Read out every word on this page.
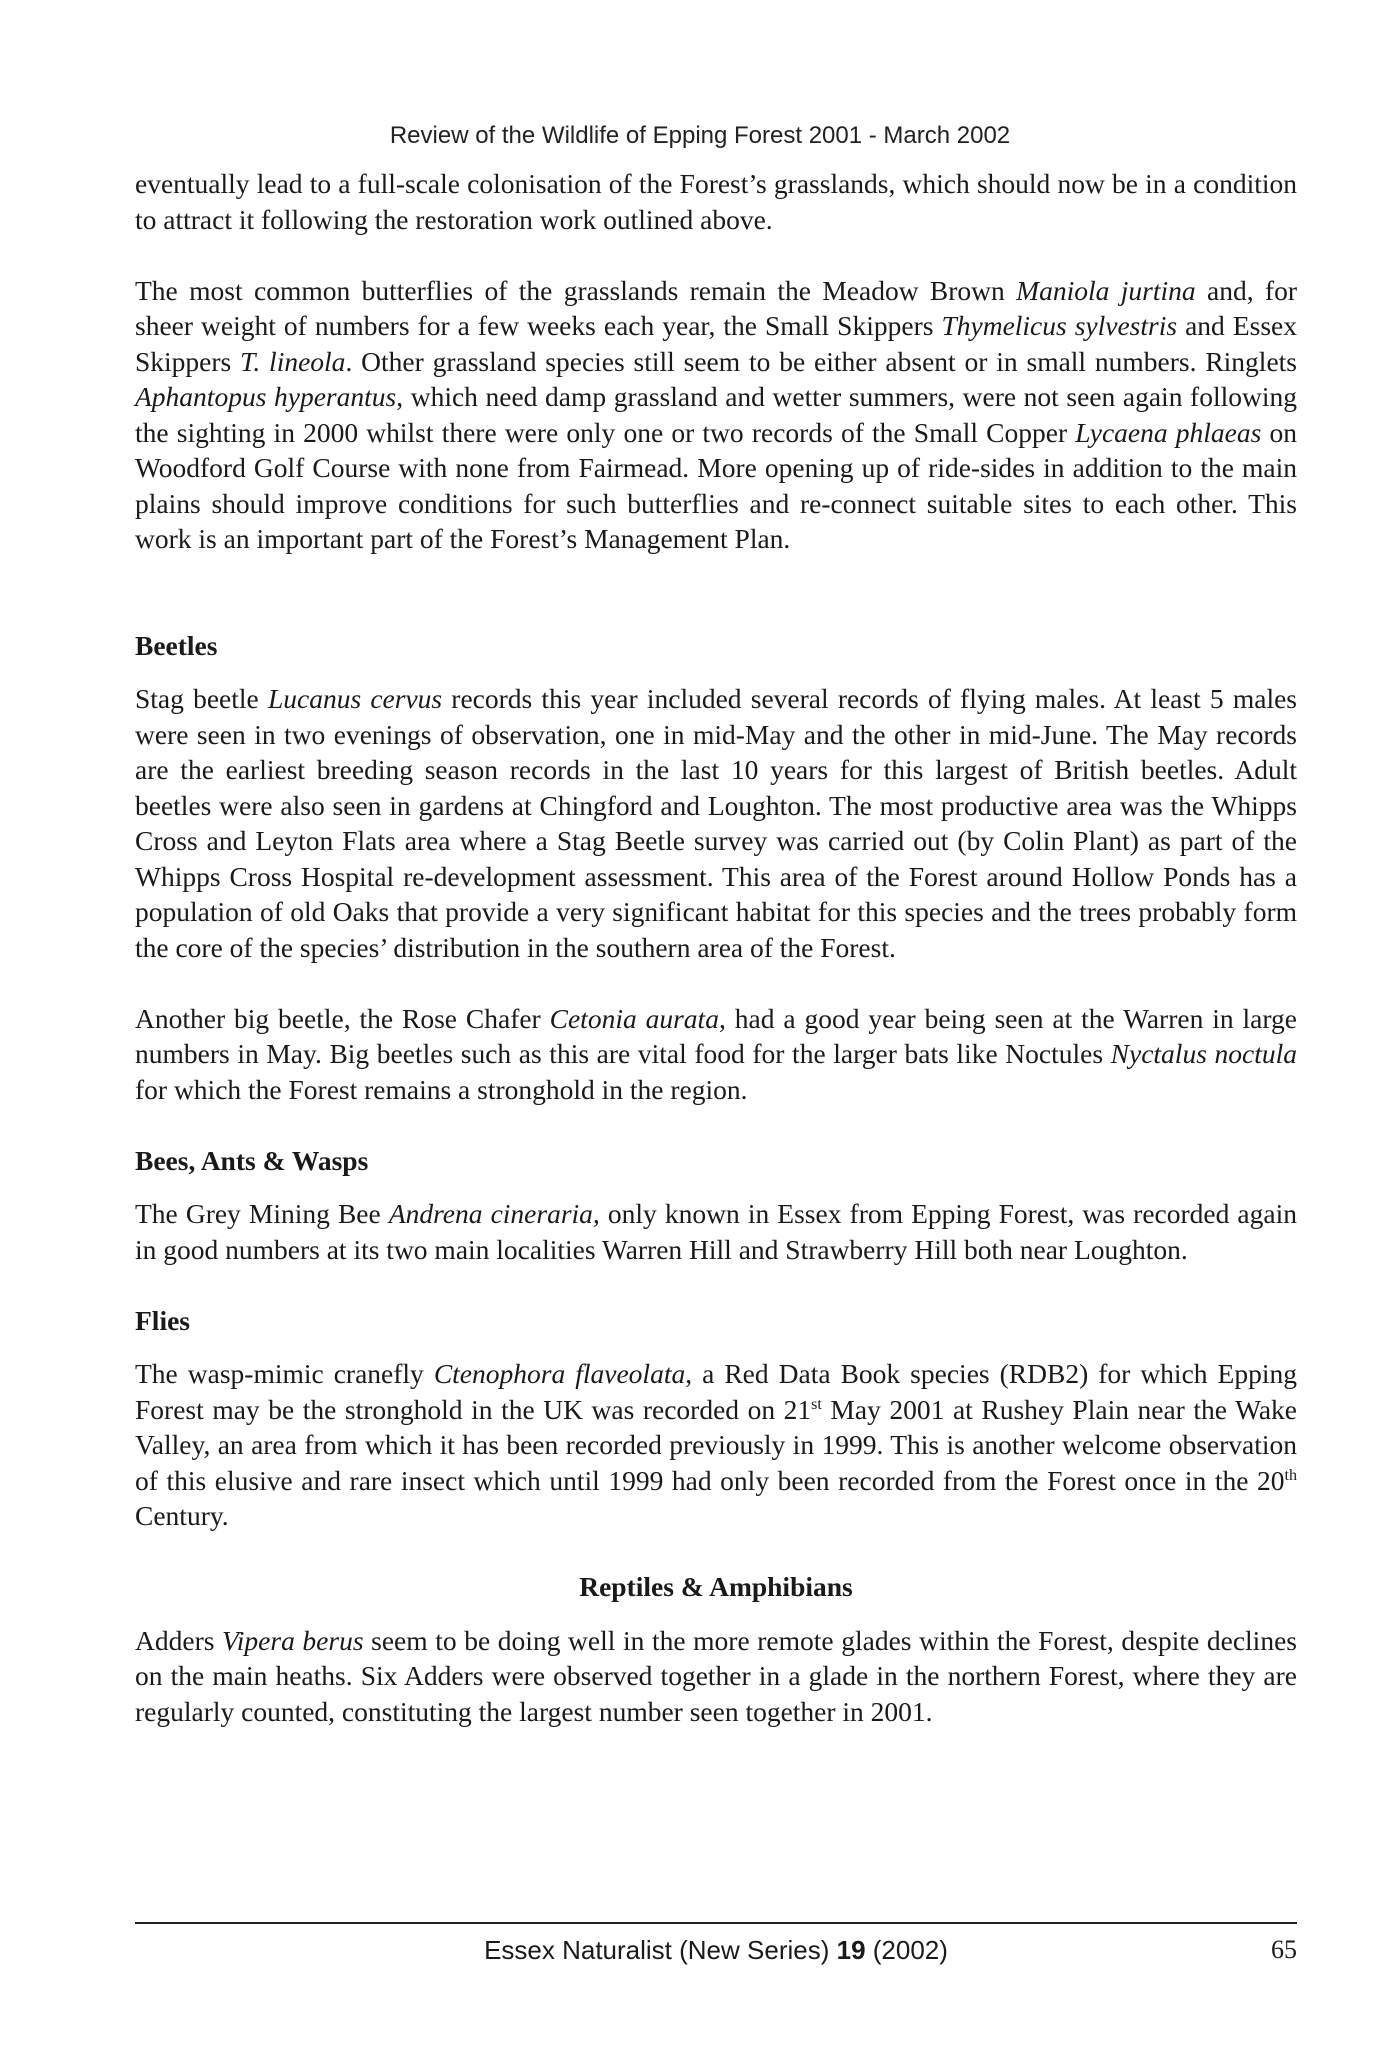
Review of the Wildlife of Epping Forest 2001 - March 2002

eventually lead to a full-scale colonisation of the Forest’s grasslands, which should now be in a condition to attract it following the restoration work outlined above.

The most common butterflies of the grasslands remain the Meadow Brown Maniola jurtina and, for sheer weight of numbers for a few weeks each year, the Small Skippers Thymelicus sylvestris and Essex Skippers T. lineola. Other grassland species still seem to be either absent or in small numbers. Ringlets Aphantopus hyperantus, which need damp grassland and wetter summers, were not seen again following the sighting in 2000 whilst there were only one or two records of the Small Copper Lycaena phlaeas on Woodford Golf Course with none from Fairmead. More opening up of ride-sides in addition to the main plains should improve conditions for such butterflies and re-connect suitable sites to each other. This work is an important part of the Forest’s Management Plan.

Beetles

Stag beetle Lucanus cervus records this year included several records of flying males. At least 5 males were seen in two evenings of observation, one in mid-May and the other in mid-June. The May records are the earliest breeding season records in the last 10 years for this largest of British beetles. Adult beetles were also seen in gardens at Chingford and Loughton. The most productive area was the Whipps Cross and Leyton Flats area where a Stag Beetle survey was carried out (by Colin Plant) as part of the Whipps Cross Hospital re-development assessment. This area of the Forest around Hollow Ponds has a population of old Oaks that provide a very significant habitat for this species and the trees probably form the core of the species’ distribution in the southern area of the Forest.

Another big beetle, the Rose Chafer Cetonia aurata, had a good year being seen at the Warren in large numbers in May. Big beetles such as this are vital food for the larger bats like Noctules Nyctalus noctula for which the Forest remains a stronghold in the region.

Bees, Ants & Wasps

The Grey Mining Bee Andrena cineraria, only known in Essex from Epping Forest, was recorded again in good numbers at its two main localities Warren Hill and Strawberry Hill both near Loughton.

Flies

The wasp-mimic cranefly Ctenophora flaveolata, a Red Data Book species (RDB2) for which Epping Forest may be the stronghold in the UK was recorded on 21st May 2001 at Rushey Plain near the Wake Valley, an area from which it has been recorded previously in 1999. This is another welcome observation of this elusive and rare insect which until 1999 had only been recorded from the Forest once in the 20th Century.

Reptiles & Amphibians

Adders Vipera berus seem to be doing well in the more remote glades within the Forest, despite declines on the main heaths. Six Adders were observed together in a glade in the northern Forest, where they are regularly counted, constituting the largest number seen together in 2001.

Essex Naturalist (New Series) 19 (2002)	65
